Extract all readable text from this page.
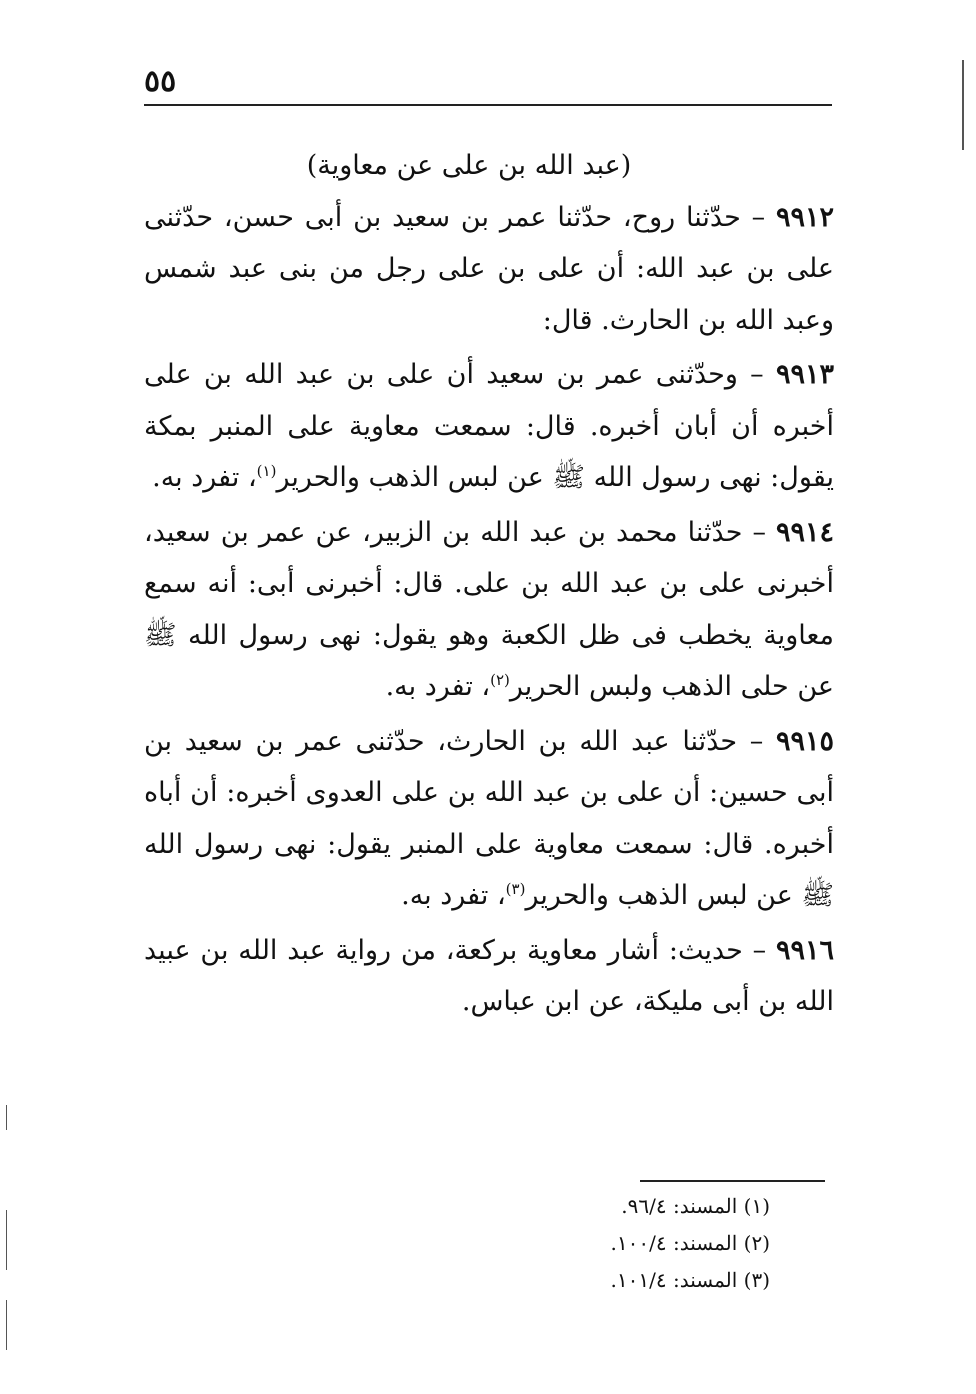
٥٥
(عبد الله بن على عن معاوية)

٩٩١٢ – حدّثنا روح، حدّثنا عمر بن سعيد بن أبى حسن، حدّثنى على بن عبد الله: أن على بن على رجل من بنى عبد شمس وعبد الله بن الحارث. قال:

٩٩١٣ – وحدّثنى عمر بن سعيد أن على بن عبد الله بن على أخبره أن أبان أخبره. قال: سمعت معاوية على المنبر بمكة يقول: نهى رسول الله ﷺ عن لبس الذهب والحرير$^{(١)}$، تفرد به.

٩٩١٤ – حدّثنا محمد بن عبد الله بن الزبير، عن عمر بن سعيد، أخبرنى على بن عبد الله بن على. قال: أخبرنى أبى: أنه سمع معاوية يخطب فى ظل الكعبة وهو يقول: نهى رسول الله ﷺ عن حلى الذهب ولبس الحرير$^{(٢)}$، تفرد به.

٩٩١٥ – حدّثنا عبد الله بن الحارث، حدّثنى عمر بن سعيد بن أبى حسين: أن على بن عبد الله بن على العدوى أخبره: أن أباه أخبره. قال: سمعت معاوية على المنبر يقول: نهى رسول الله ﷺ عن لبس الذهب والحرير$^{(٣)}$، تفرد به.

٩٩١٦ – حديث: أشار معاوية بركعة، من رواية عبد الله بن عبيد الله بن أبى مليكة، عن ابن عباس.

(١) المسند: ٩٦/٤.
(٢) المسند: ١٠٠/٤.
(٣) المسند: ١٠١/٤.
